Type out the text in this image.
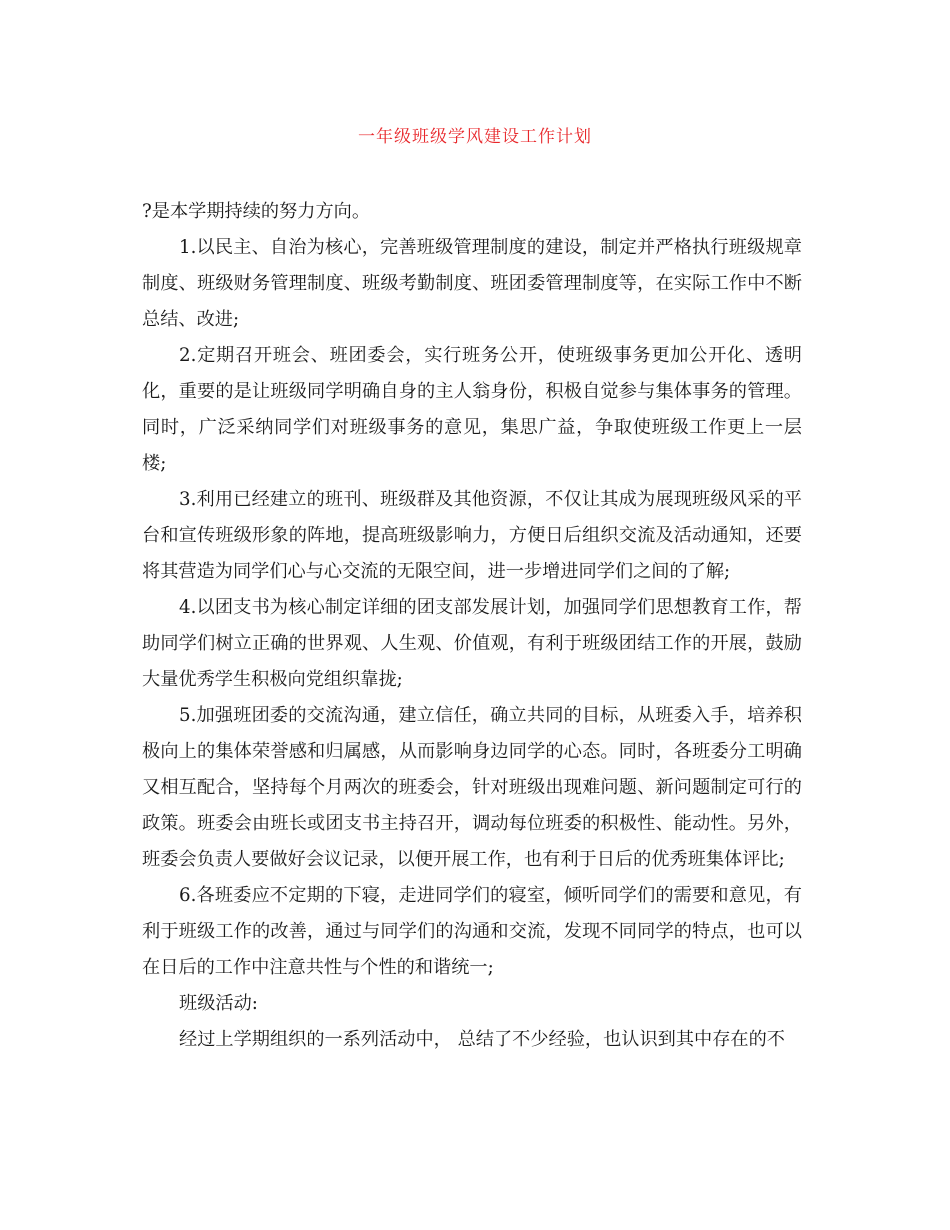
一年级班级学风建设工作计划

?是本学期持续的努力方向。

1.以民主、自治为核心，完善班级管理制度的建设，制定并严格执行班级规章制度、班级财务管理制度、班级考勤制度、班团委管理制度等，在实际工作中不断总结、改进;

2.定期召开班会、班团委会，实行班务公开，使班级事务更加公开化、透明化，重要的是让班级同学明确自身的主人翁身份，积极自觉参与集体事务的管理。同时，广泛采纳同学们对班级事务的意见，集思广益，争取使班级工作更上一层楼;

3.利用已经建立的班刊、班级群及其他资源，不仅让其成为展现班级风采的平台和宣传班级形象的阵地，提高班级影响力，方便日后组织交流及活动通知，还要将其营造为同学们心与心交流的无限空间，进一步增进同学们之间的了解;

4.以团支书为核心制定详细的团支部发展计划，加强同学们思想教育工作，帮助同学们树立正确的世界观、人生观、价值观，有利于班级团结工作的开展，鼓励大量优秀学生积极向党组织靠拢;

5.加强班团委的交流沟通，建立信任，确立共同的目标，从班委入手，培养积极向上的集体荣誉感和归属感，从而影响身边同学的心态。同时，各班委分工明确又相互配合，坚持每个月两次的班委会，针对班级出现难问题、新问题制定可行的政策。班委会由班长或团支书主持召开，调动每位班委的积极性、能动性。另外，班委会负责人要做好会议记录，以便开展工作，也有利于日后的优秀班集体评比;

6.各班委应不定期的下寝，走进同学们的寝室，倾听同学们的需要和意见，有利于班级工作的改善，通过与同学们的沟通和交流，发现不同同学的特点，也可以在日后的工作中注意共性与个性的和谐统一;

班级活动:

经过上学期组织的一系列活动中， 总结了不少经验，也认识到其中存在的不
